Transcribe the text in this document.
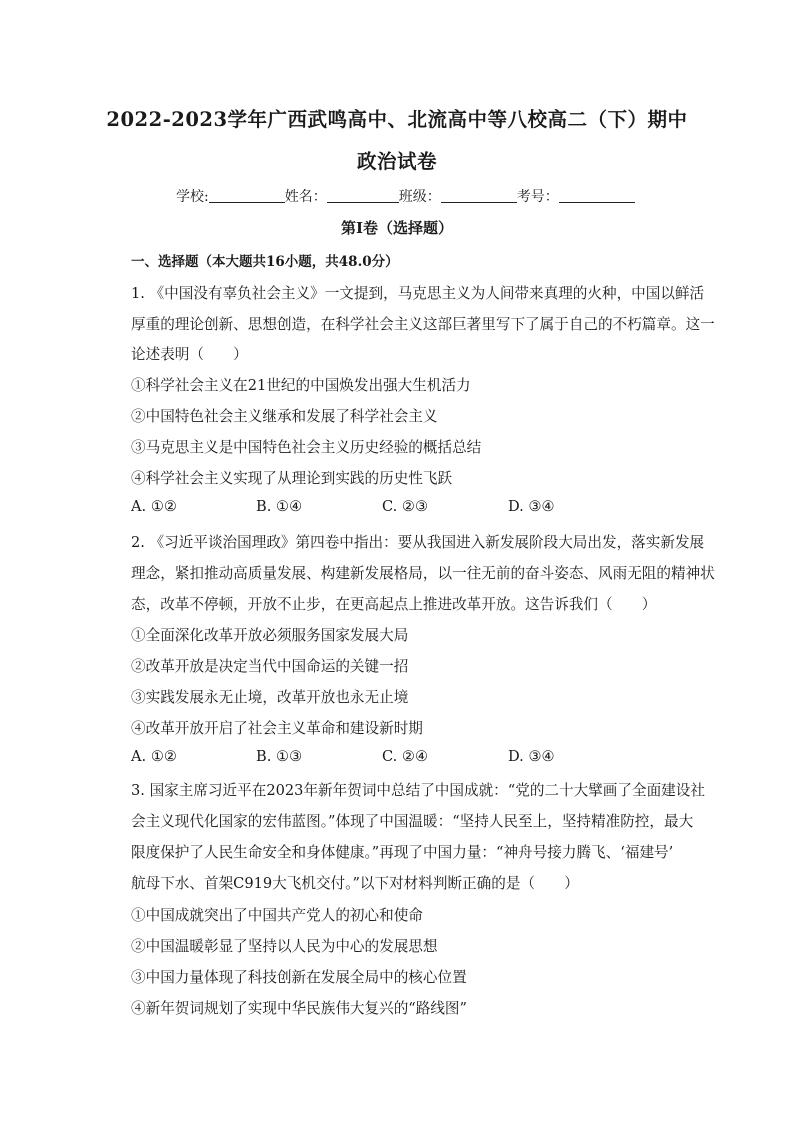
2022-2023学年广西武鸣高中、北流高中等八校高二（下）期中
政治试卷
学校:	姓名：	班级：	考号：
第Ⅰ卷（选择题）
一、选择题（本大题共16小题，共48.0分）
1. 《中国没有辜负社会主义》一文提到，马克思主义为人间带来真理的火种，中国以鲜活
厚重的理论创新、思想创造，在科学社会主义这部巨著里写下了属于自己的不朽篇章。这一
论述表明（　　）
①科学社会主义在21世纪的中国焕发出强大生机活力
②中国特色社会主义继承和发展了科学社会主义
③马克思主义是中国特色社会主义历史经验的概括总结
④科学社会主义实现了从理论到实践的历史性飞跃
A. ①②	B. ①④	C. ②③	D. ③④
2. 《习近平谈治国理政》第四卷中指出：要从我国进入新发展阶段大局出发，落实新发展
理念，紧扣推动高质量发展、构建新发展格局，以一往无前的奋斗姿态、风雨无阻的精神状
态，改革不停顿，开放不止步，在更高起点上推进改革开放。这告诉我们（　　）
①全面深化改革开放必须服务国家发展大局
②改革开放是决定当代中国命运的关键一招
③实践发展永无止境，改革开放也永无止境
④改革开放开启了社会主义革命和建设新时期
A. ①②	B. ①③	C. ②④	D. ③④
3. 国家主席习近平在2023年新年贺词中总结了中国成就：“党的二十大擘画了全面建设社
会主义现代化国家的宏伟蓝图。”体现了中国温暖：“坚持人民至上，坚持精准防控，最大
限度保护了人民生命安全和身体健康。”再现了中国力量：“神舟号接力腾飞、‘福建号’
航母下水、首架C919大飞机交付。”以下对材料判断正确的是（　　）
①中国成就突出了中国共产党人的初心和使命
②中国温暖彰显了坚持以人民为中心的发展思想
③中国力量体现了科技创新在发展全局中的核心位置
④新年贺词规划了实现中华民族伟大复兴的“路线图”
